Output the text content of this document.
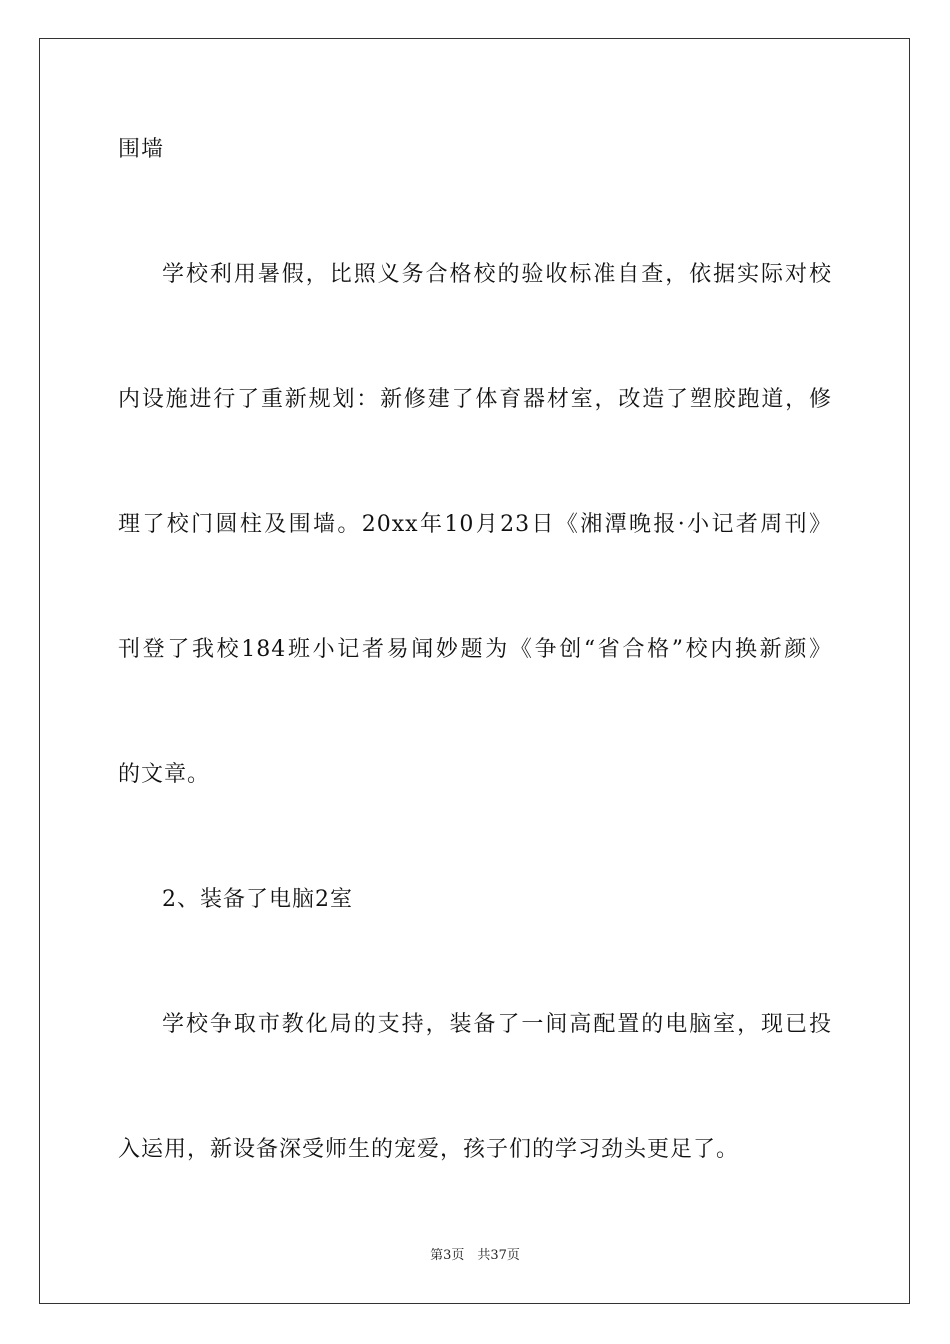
围墙
学校利用暑假，比照义务合格校的验收标准自查，依据实际对校
内设施进行了重新规划：新修建了体育器材室，改造了塑胶跑道，修
理了校门圆柱及围墙。20xx年10月23日《湘潭晚报·小记者周刊》
刊登了我校184班小记者易闻妙题为《争创“省合格”校内换新颜》
的文章。
2、装备了电脑2室
学校争取市教化局的支持，装备了一间高配置的电脑室，现已投
入运用，新设备深受师生的宠爱，孩子们的学习劲头更足了。
第3页　共37页
